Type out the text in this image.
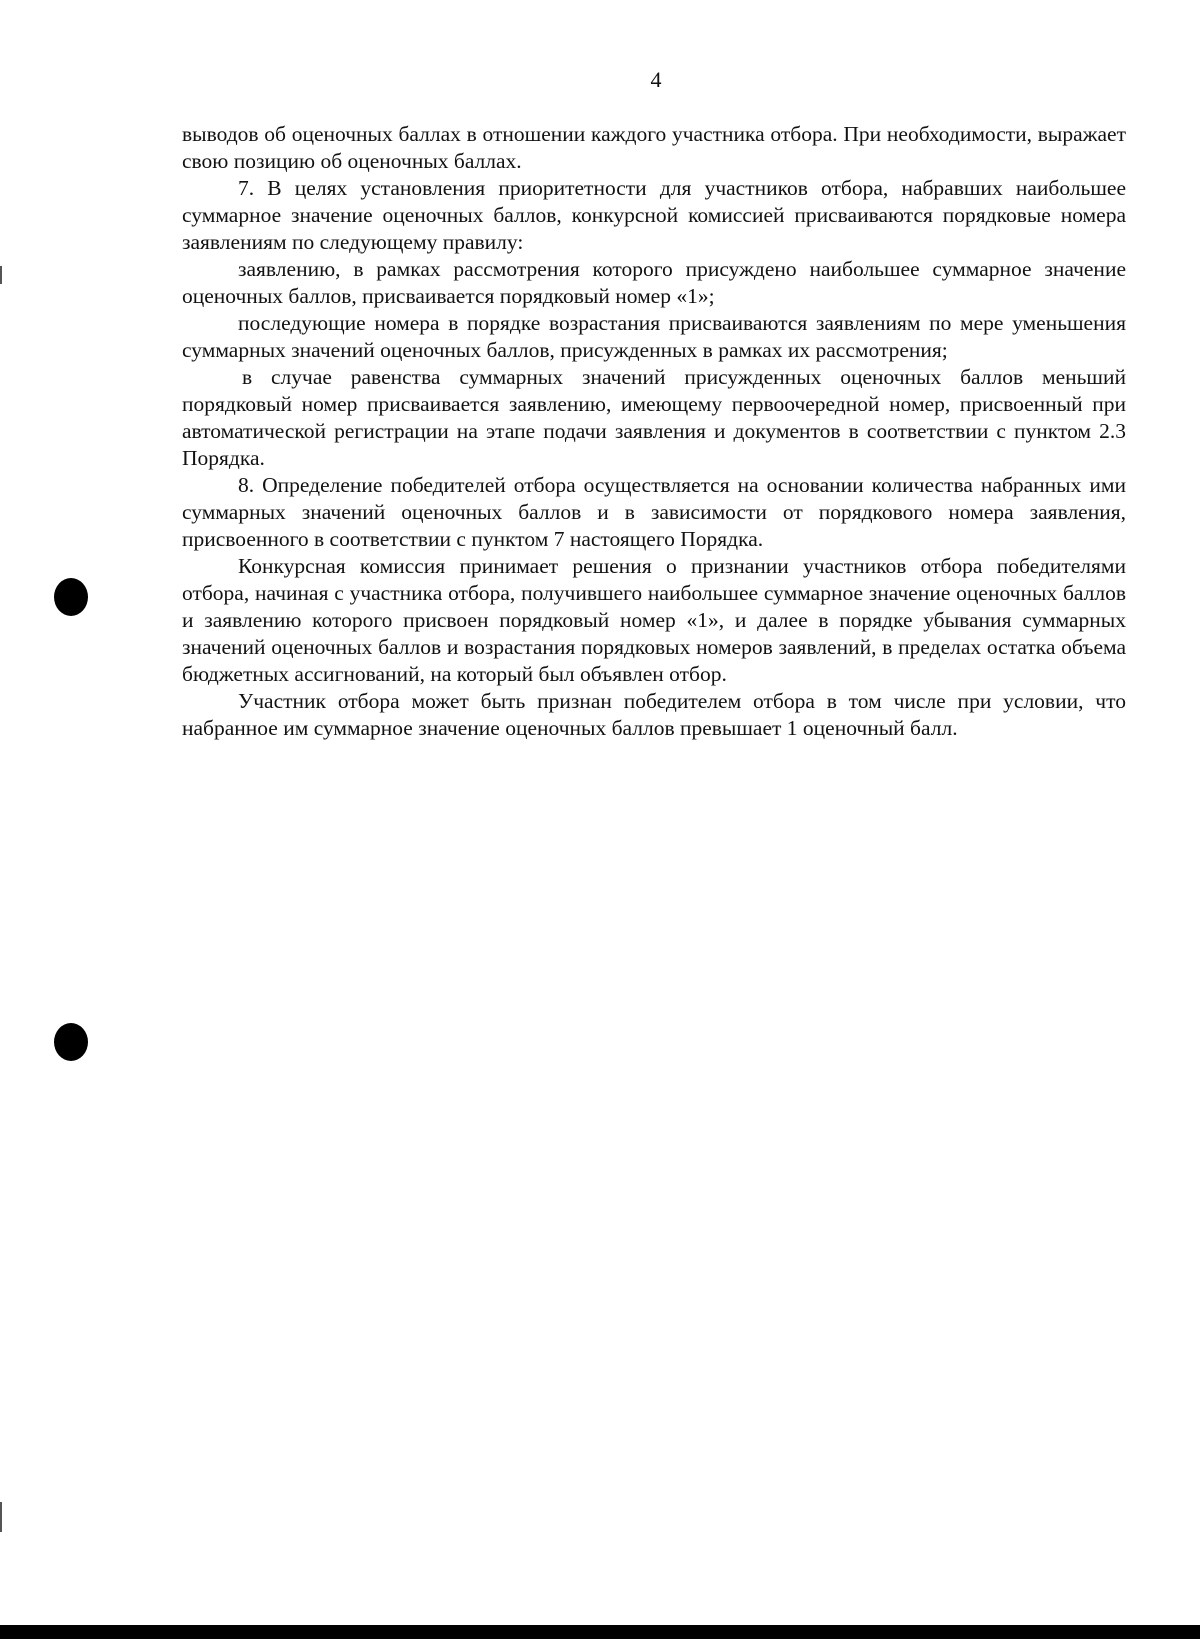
4

выводов об оценочных баллах в отношении каждого участника отбора. При необходимости, выражает свою позицию об оценочных баллах.

7. В целях установления приоритетности для участников отбора, набравших наибольшее суммарное значение оценочных баллов, конкурсной комиссией присваиваются порядковые номера заявлениям по следующему правилу:

заявлению, в рамках рассмотрения которого присуждено наибольшее суммарное значение оценочных баллов, присваивается порядковый номер «1»;

последующие номера в порядке возрастания присваиваются заявлениям по мере уменьшения суммарных значений оценочных баллов, присужденных в рамках их рассмотрения;

в случае равенства суммарных значений присужденных оценочных баллов меньший порядковый номер присваивается заявлению, имеющему первоочередной номер, присвоенный при автоматической регистрации на этапе подачи заявления и документов в соответствии с пунктом 2.3 Порядка.

8. Определение победителей отбора осуществляется на основании количества набранных ими суммарных значений оценочных баллов и в зависимости от порядкового номера заявления, присвоенного в соответствии с пунктом 7 настоящего Порядка.

Конкурсная комиссия принимает решения о признании участников отбора победителями отбора, начиная с участника отбора, получившего наибольшее суммарное значение оценочных баллов и заявлению которого присвоен порядковый номер «1», и далее в порядке убывания суммарных значений оценочных баллов и возрастания порядковых номеров заявлений, в пределах остатка объема бюджетных ассигнований, на который был объявлен отбор.

Участник отбора может быть признан победителем отбора в том числе при условии, что набранное им суммарное значение оценочных баллов превышает 1 оценочный балл.
